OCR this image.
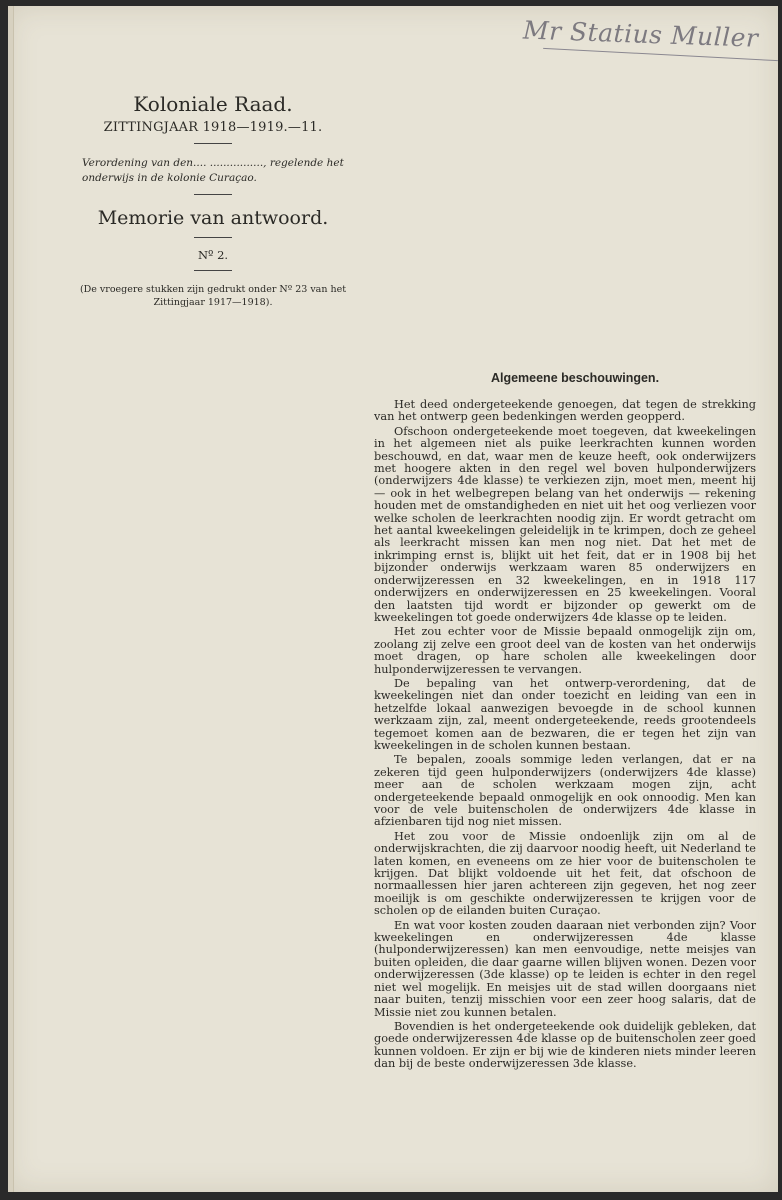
Mr Statius Muller
Koloniale Raad.
ZITTINGJAAR 1918—1919.—11.
Verordening van den.... ................, regelende het onderwijs in de kolonie Curaçao.
Memorie van antwoord.
Nº 2.
(De vroegere stukken zijn gedrukt onder Nº 23 van het Zittingjaar 1917—1918).
Algemeene beschouwingen.

Het deed ondergeteekende genoegen, dat tegen de strekking van het ontwerp geen bedenkingen werden geopperd.

Ofschoon ondergeteekende moet toegeven, dat kweekelingen in het algemeen niet als puike leerkrachten kunnen worden beschouwd, en dat, waar men de keuze heeft, ook onderwijzers met hoogere akten in den regel wel boven hulponderwijzers (onderwijzers 4de klasse) te verkiezen zijn, moet men, meent hij — ook in het welbegrepen belang van het onderwijs — rekening houden met de omstandigheden en niet uit het oog verliezen voor welke scholen de leerkrachten noodig zijn. Er wordt getracht om het aantal kweekelingen geleidelijk in te krimpen, doch ze geheel als leerkracht missen kan men nog niet. Dat het met de inkrimping ernst is, blijkt uit het feit, dat er in 1908 bij het bijzonder onderwijs werkzaam waren 85 onderwijzers en onderwijzeressen en 32 kweekelingen, en in 1918 117 onderwijzers en onderwijzeressen en 25 kweekelingen. Vooral den laatsten tijd wordt er bijzonder op gewerkt om de kweekelingen tot goede onderwijzers 4de klasse op te leiden.

Het zou echter voor de Missie bepaald onmogelijk zijn om, zoolang zij zelve een groot deel van de kosten van het onderwijs moet dragen, op hare scholen alle kweekelingen door hulponderwijzeressen te vervangen.

De bepaling van het ontwerp-verordening, dat de kweekelingen niet dan onder toezicht en leiding van een in hetzelfde lokaal aanwezigen bevoegde in de school kunnen werkzaam zijn, zal, meent ondergeteekende, reeds grootendeels tegemoet komen aan de bezwaren, die er tegen het zijn van kweekelingen in de scholen kunnen bestaan.

Te bepalen, zooals sommige leden verlangen, dat er na zekeren tijd geen hulponderwijzers (onderwijzers 4de klasse) meer aan de scholen werkzaam mogen zijn, acht ondergeteekende bepaald onmogelijk en ook onnoodig. Men kan voor de vele buitenscholen de onderwijzers 4de klasse in afzienbaren tijd nog niet missen.

Het zou voor de Missie ondoenlijk zijn om al de onderwijskrachten, die zij daarvoor noodig heeft, uit Nederland te laten komen, en eveneens om ze hier voor de buitenscholen te krijgen. Dat blijkt voldoende uit het feit, dat ofschoon de normaallessen hier jaren achtereen zijn gegeven, het nog zeer moeilijk is om geschikte onderwijzeressen te krijgen voor de scholen op de eilanden buiten Curaçao.

En wat voor kosten zouden daaraan niet verbonden zijn? Voor kweekelingen en onderwijzeressen 4de klasse (hulponderwijzeressen) kan men eenvoudige, nette meisjes van buiten opleiden, die daar gaarne willen blijven wonen. Dezen voor onderwijzeressen (3de klasse) op te leiden is echter in den regel niet wel mogelijk. En meisjes uit de stad willen doorgaans niet naar buiten, tenzij misschien voor een zeer hoog salaris, dat de Missie niet zou kunnen betalen.

Bovendien is het ondergeteekende ook duidelijk gebleken, dat goede onderwijzeressen 4de klasse op de buitenscholen zeer goed kunnen voldoen. Er zijn er bij wie de kinderen niets minder leeren dan bij de beste onderwijzeressen 3de klasse.
